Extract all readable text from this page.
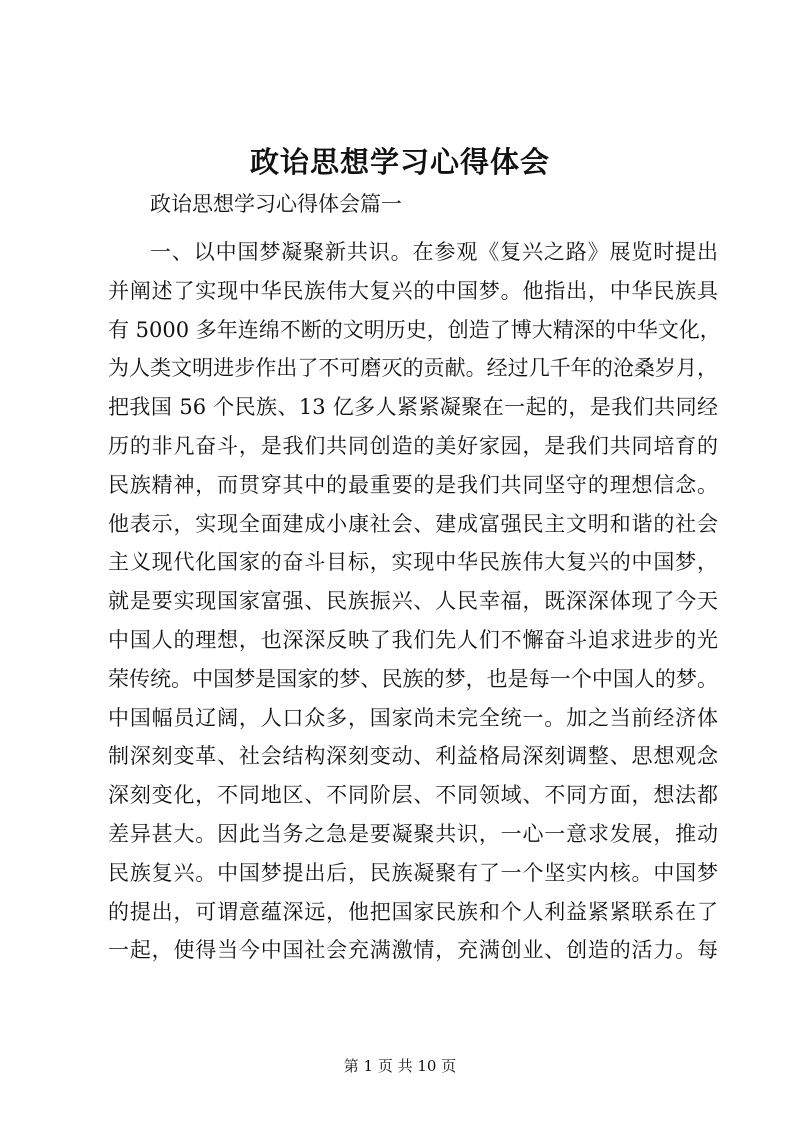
政诒思想学习心得体会
政诒思想学习心得体会篇一
一、以中国梦凝聚新共识。在参观《复兴之路》展览时提出
并阐述了实现中华民族伟大复兴的中国梦。他指出，中华民族具
有 5000 多年连绵不断的文明历史，创造了博大精深的中华文化，
为人类文明进步作出了不可磨灭的贡献。经过几千年的沧桑岁月，
把我国 56 个民族、13 亿多人紧紧凝聚在一起的，是我们共同经
历的非凡奋斗，是我们共同创造的美好家园，是我们共同培育的
民族精神，而贯穿其中的最重要的是我们共同坚守的理想信念。
他表示，实现全面建成小康社会、建成富强民主文明和谐的社会
主义现代化国家的奋斗目标，实现中华民族伟大复兴的中国梦，
就是要实现国家富强、民族振兴、人民幸福，既深深体现了今天
中国人的理想，也深深反映了我们先人们不懈奋斗追求进步的光
荣传统。中国梦是国家的梦、民族的梦，也是每一个中国人的梦。
中国幅员辽阔，人口众多，国家尚未完全统一。加之当前经济体
制深刻变革、社会结构深刻变动、利益格局深刻调整、思想观念
深刻变化，不同地区、不同阶层、不同领域、不同方面，想法都
差异甚大。因此当务之急是要凝聚共识，一心一意求发展，推动
民族复兴。中国梦提出后，民族凝聚有了一个坚实内核。中国梦
的提出，可谓意蕴深远，他把国家民族和个人利益紧紧联系在了
一起，使得当今中国社会充满激情，充满创业、创造的活力。每
第 1 页 共 10 页
